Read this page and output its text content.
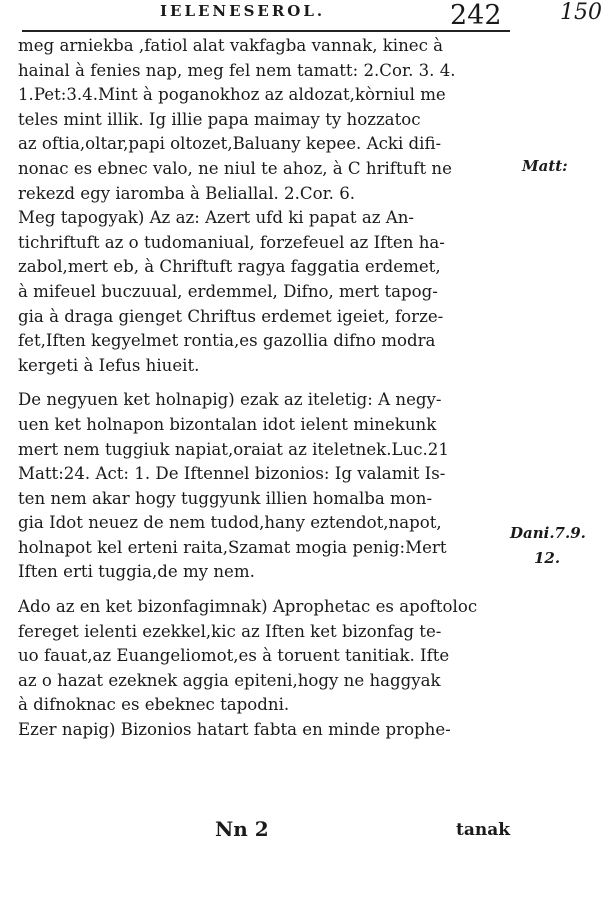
IELENESEROL.	242	150
meg arniekba ,fatiol alat vakfagba vannak, kinec à
hainal à fenies nap, meg fel nem tamatt: 2.Cor. 3. 4.
1.Pet:3.4.Mint à poganokhoz az aldozat,kòrniul me
teles mint illik. Ig illie papa maimay ty hozzatoc
az oftia,oltar,papi oltozet,Baluany kepee. Acki difi-
nonac es ebnec valo, ne niul te ahoz, à C hriftuft ne
rekezd egy iaromba à Beliallal. 2.Cor. 6.
Meg tapogyak) Az az: Azert ufd ki papat az An-
tichriftuft az o tudomaniual, forzefeuel az Iften ha-
zabol,mert eb, à Chriftuft ragya faggatia erdemet,
à mifeuel buczuual, erdemmel, Difno, mert tapog-
gia à draga gienget Chriftus erdemet igeiet, forze-
fet,Iften kegyelmet rontia,es gazollia difno modra
kergeti à Iefus hiueit.
De negyuen ket holnapig) ezak az iteletig: A negy-
uen ket holnapon bizontalan idot ielent minekunk
mert nem tuggiuk napiat,oraiat az iteletnek.Luc.21
Matt:24. Act: 1. De Iftennel bizonios: Ig valamit Is-
ten nem akar hogy tuggyunk illien homalba mon-
gia Idot neuez de nem tudod,hany eztendot,napot,
holnapot kel erteni raita,Szamat mogia penig:Mert
Iften erti tuggia,de my nem.
Ado az en ket bizonfagimnak) Aprophetac es apoftoloc
fereget ielenti ezekkel,kic az Iften ket bizonfag te-
uo fauat,az Euangeliomot,es à toruent tanitiak. Ifte
az o hazat ezeknek aggia epiteni,hogy ne haggyak
à difnoknac es ebeknec tapodni.
Ezer napig) Bizonios hatart fabta en minde prophe-
Matt:
Dani.7.9.
12.
Nn 2	tanak
